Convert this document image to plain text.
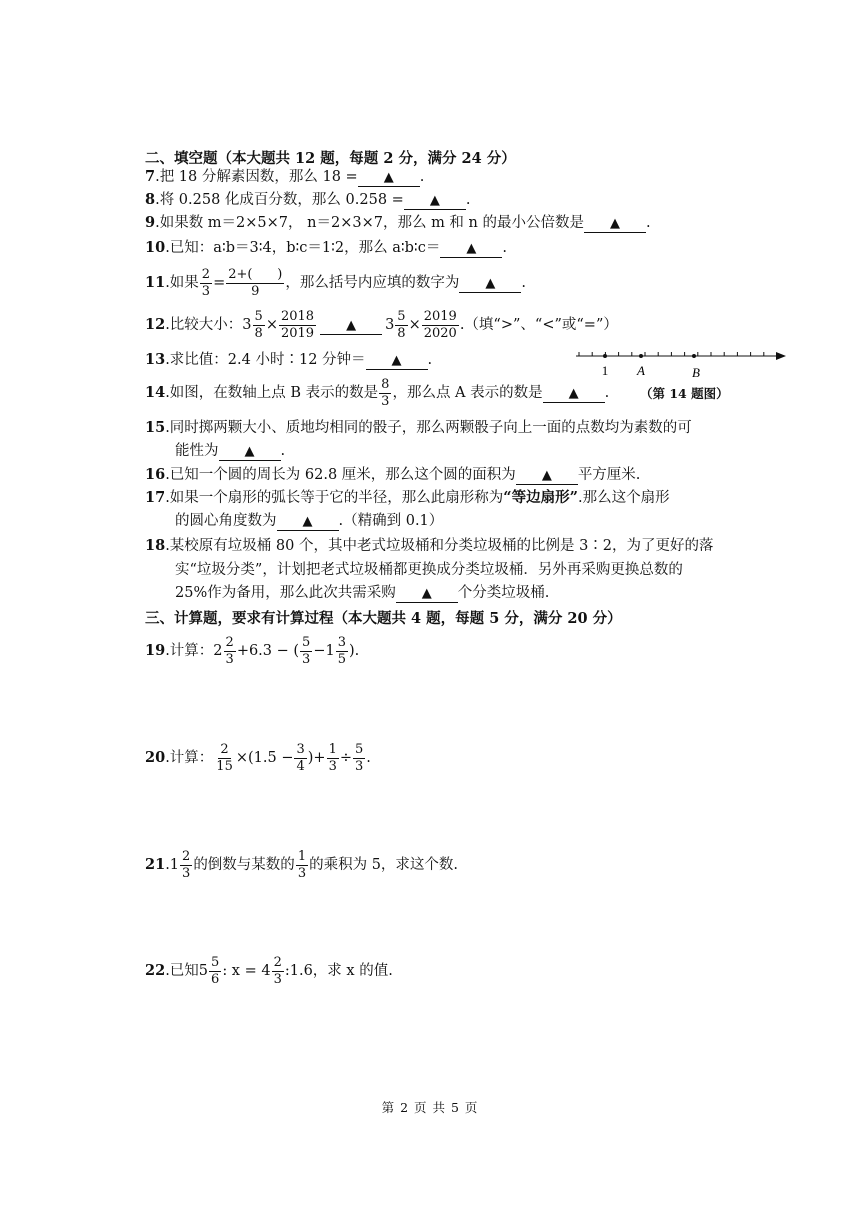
二、填空题（本大题共 12 题，每题 2 分，满分 24 分）
7.把 18 分解素因数，那么 18 = ▲ .
8.将 0.258 化成百分数，那么 0.258 = ▲ .
9.如果数 m＝2×5×7， n＝2×3×7，那么 m 和 n 的最小公倍数是 ▲ .
10.已知：a∶b＝3∶4，b∶c＝1∶2，那么 a∶b∶c＝ ▲ .
11.如果 $\frac{2}{3} = \frac{2+( )}{9}$ ，那么括号内应填的数字为 ▲ .
12.比较大小： $3 \frac{5}{8} \times \frac{2018}{2019}$ ▲ $3 \frac{5}{8} \times \frac{2019}{2020}$ .（填“>”、“<”或“=”）
13.求比值：2.4 小时∶12 分钟＝ ▲ .
1 A	B
（第 14 题图）
14.如图，在数轴上点 B 表示的数是 $\frac{8}{3}$ ，那么点 A 表示的数是 ▲ .
15.同时掷两颗大小、质地均相同的骰子，那么两颗骰子向上一面的点数均为素数的可
能性为 ▲ .
16.已知一个圆的周长为 62.8 厘米，那么这个圆的面积为 ▲ 平方厘米.
17.如果一个扇形的弧长等于它的半径，那么此扇形称为“等边扇形”.那么这个扇形
的圆心角度数为 ▲ .（精确到 0.1）
18.某校原有垃圾桶 80 个，其中老式垃圾桶和分类垃圾桶的比例是 3∶2，为了更好的落
实“垃圾分类”，计划把老式垃圾桶都更换成分类垃圾桶．另外再采购更换总数的
25%作为备用，那么此次共需采购 ▲ 个分类垃圾桶.
三、计算题，要求有计算过程（本大题共 4 题，每题 5 分，满分 20 分）
19.计算： $2 \frac{2}{3} +6.3$ − ( $\frac{5}{3} -1 \frac{3}{5}$ ).
20.计算： $\frac{2}{15} \times(1.5 - \frac{3}{4}$ )+ $\frac{1}{3} \div \frac{5}{3}$ .
$21.1 \frac{2}{3}$ 的倒数与某数的 $\frac{1}{3}$ 的乘积为 5，求这个数.
22.已知$5 \frac{5}{6}$ : $x = 4 \frac{2}{3}$ :1.6，求 x 的值.
第 2 页 共 5 页
